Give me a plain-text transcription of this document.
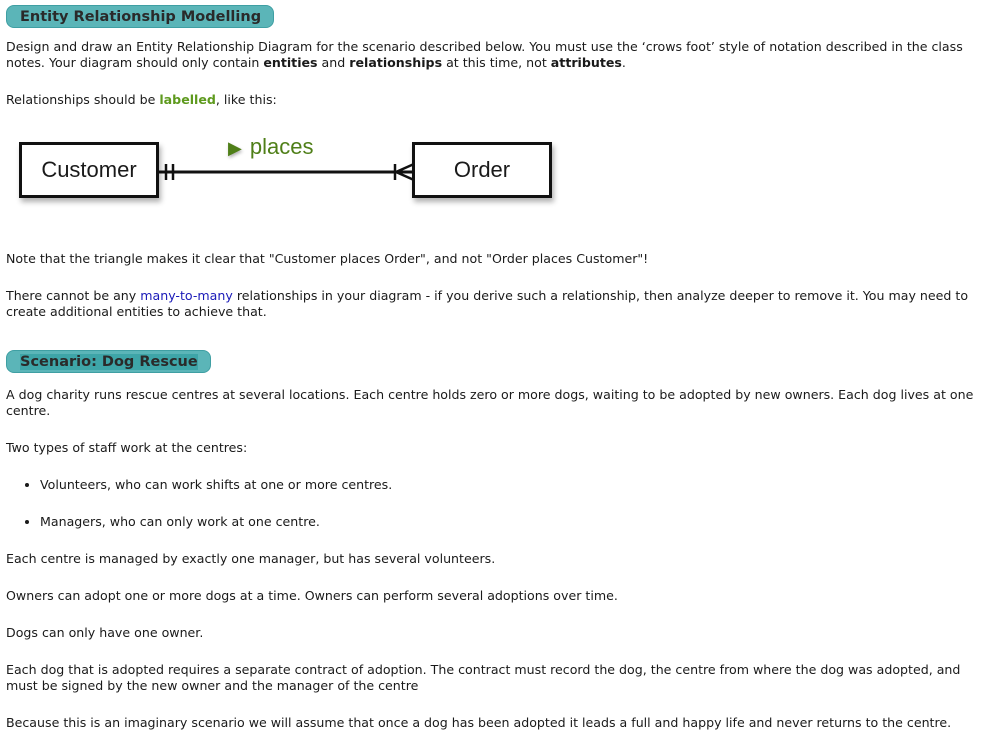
Entity Relationship Modelling

Design and draw an Entity Relationship Diagram for the scenario described below. You must use the ‘crows foot’ style of notation described in the class notes. Your diagram should only contain entities and relationships at this time, not attributes.

Relationships should be labelled, like this:

Customer	Order
▶ places

Note that the triangle makes it clear that "Customer places Order", and not "Order places Customer"!

There cannot be any many-to-many relationships in your diagram - if you derive such a relationship, then analyze deeper to remove it. You may need to create additional entities to achieve that.

Scenario: Dog Rescue

A dog charity runs rescue centres at several locations. Each centre holds zero or more dogs, waiting to be adopted by new owners. Each dog lives at one centre.

Two types of staff work at the centres:

• Volunteers, who can work shifts at one or more centres.
• Managers, who can only work at one centre.

Each centre is managed by exactly one manager, but has several volunteers.

Owners can adopt one or more dogs at a time. Owners can perform several adoptions over time.

Dogs can only have one owner.

Each dog that is adopted requires a separate contract of adoption. The contract must record the dog, the centre from where the dog was adopted, and must be signed by the new owner and the manager of the centre

Because this is an imaginary scenario we will assume that once a dog has been adopted it leads a full and happy life and never returns to the centre.
